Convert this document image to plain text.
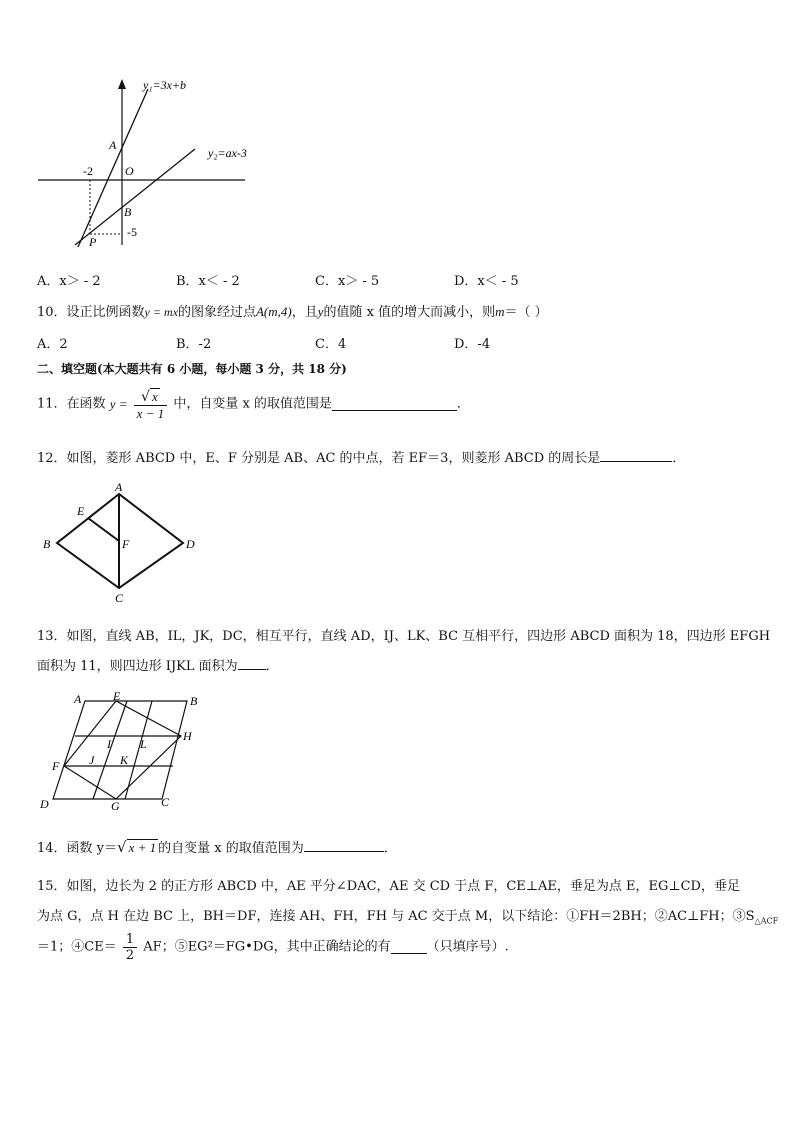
y₁=3x+b
y₂=ax-3
A
O
B
P
-2
-5
A．x＞ - 2	B．x＜ - 2	C．x＞ - 5	D．x＜ - 5
10．设正比例函数y = mx的图象经过点A(m,4)，且y的值随 x 值的增大而减小，则m＝（ ）
A．2	B．-2	C．4	D．-4
二、填空题(本大题共有 6 小题，每小题 3 分，共 18 分)
11．在函数 $y = \frac{√ x}{x - 1}$ 中，自变量 x 的取值范围是	．
12．如图，菱形 ABCD 中，E、F 分别是 AB、AC 的中点，若 EF＝3，则菱形 ABCD 的周长是	．
A
B
C
D
E
F
13．如图，直线 AB，IL，JK，DC，相互平行，直线 AD，IJ、LK、BC 互相平行，四边形 ABCD 面积为 18，四边形 EFGH
面积为 11，则四边形 IJKL 面积为 ．
A	E	B
H
I L
F J K
D	G	C
14．函数 y＝√ x + 1 的自变量 x 的取值范围为	．
15．如图，边长为 2 的正方形 ABCD 中，AE 平分∠DAC，AE 交 CD 于点 F，CE⊥AE，垂足为点 E，EG⊥CD，垂足
为点 G，点 H 在边 BC 上，BH＝DF，连接 AH、FH，FH 与 AC 交于点 M，以下结论：①FH＝2BH；②AC⊥FH；$③S_{\triangle ACF}$
＝1；④CE＝ $\frac{1}{2}$ AF；⑤EG²＝FG•DG，其中正确结论的有	（只填序号）.
